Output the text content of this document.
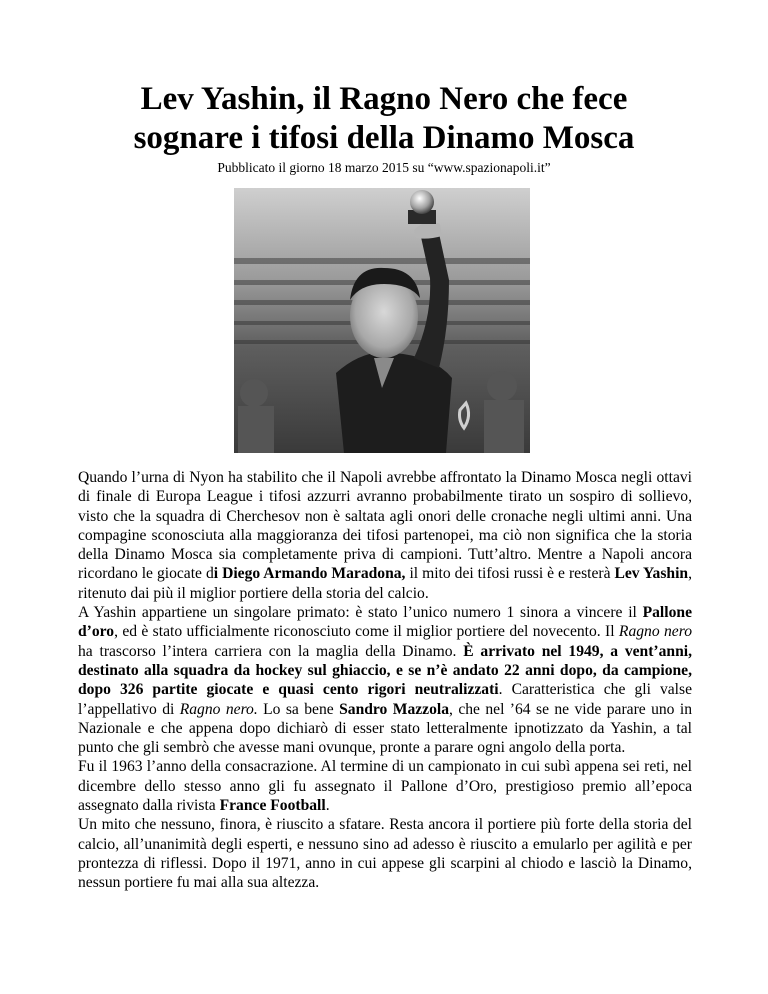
Lev Yashin, il Ragno Nero che fece
sognare i tifosi della Dinamo Mosca

Pubblicato il giorno 18 marzo 2015 su “www.spazionapoli.it”

Quando l’urna di Nyon ha stabilito che il Napoli avrebbe affrontato la Dinamo Mosca negli ottavi di finale di Europa League i tifosi azzurri avranno probabilmente tirato un sospiro di sollievo, visto che la squadra di Cherchesov non è saltata agli onori delle cronache negli ultimi anni. Una compagine sconosciuta alla maggioranza dei tifosi partenopei, ma ciò non significa che la storia della Dinamo Mosca sia completamente priva di campioni. Tutt’altro. Mentre a Napoli ancora ricordano le giocate di Diego Armando Maradona, il mito dei tifosi russi è e resterà Lev Yashin, ritenuto dai più il miglior portiere della storia del calcio.

A Yashin appartiene un singolare primato: è stato l’unico numero 1 sinora a vincere il Pallone d’oro, ed è stato ufficialmente riconosciuto come il miglior portiere del novecento. Il Ragno nero ha trascorso l’intera carriera con la maglia della Dinamo. È arrivato nel 1949, a vent’anni, destinato alla squadra da hockey sul ghiaccio, e se n’è andato 22 anni dopo, da campione, dopo 326 partite giocate e quasi cento rigori neutralizzati. Caratteristica che gli valse l’appellativo di Ragno nero. Lo sa bene Sandro Mazzola, che nel ’64 se ne vide parare uno in Nazionale e che appena dopo dichiarò di esser stato letteralmente ipnotizzato da Yashin, a tal punto che gli sembrò che avesse mani ovunque, pronte a parare ogni angolo della porta.

Fu il 1963 l’anno della consacrazione. Al termine di un campionato in cui subì appena sei reti, nel dicembre dello stesso anno gli fu assegnato il Pallone d’Oro, prestigioso premio all’epoca assegnato dalla rivista France Football.

Un mito che nessuno, finora, è riuscito a sfatare. Resta ancora il portiere più forte della storia del calcio, all’unanimità degli esperti, e nessuno sino ad adesso è riuscito a emularlo per agilità e per prontezza di riflessi. Dopo il 1971, anno in cui appese gli scarpini al chiodo e lasciò la Dinamo, nessun portiere fu mai alla sua altezza.
